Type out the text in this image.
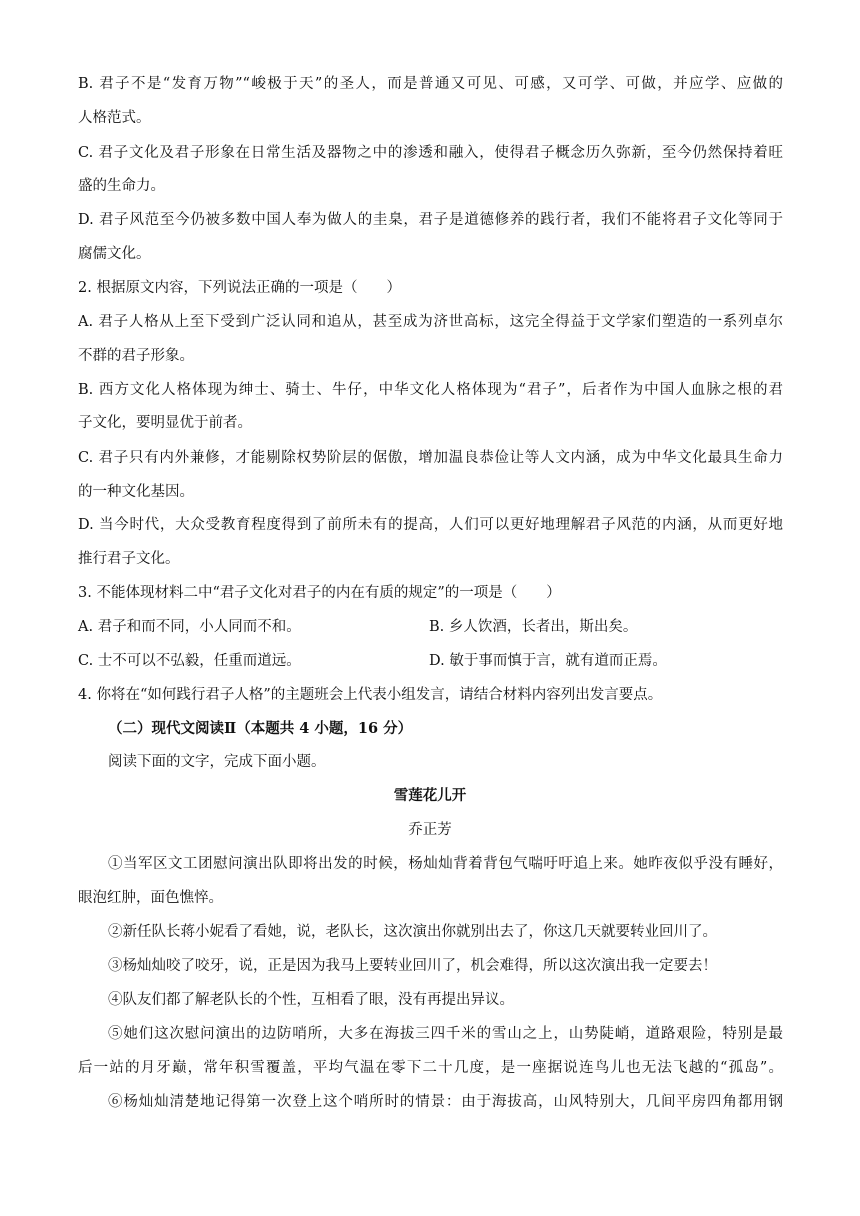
B. 君子不是“发育万物”“峻极于天”的圣人，而是普通又可见、可感，又可学、可做，并应学、应做的
人格范式。
C. 君子文化及君子形象在日常生活及器物之中的渗透和融入，使得君子概念历久弥新，至今仍然保持着旺
盛的生命力。
D. 君子风范至今仍被多数中国人奉为做人的圭臬，君子是道德修养的践行者，我们不能将君子文化等同于
腐儒文化。
2. 根据原文内容，下列说法正确的一项是（　　）
A. 君子人格从上至下受到广泛认同和追从，甚至成为济世高标，这完全得益于文学家们塑造的一系列卓尔
不群的君子形象。
B. 西方文化人格体现为绅士、骑士、牛仔，中华文化人格体现为“君子”，后者作为中国人血脉之根的君
子文化，要明显优于前者。
C. 君子只有内外兼修，才能剔除权势阶层的倨傲，增加温良恭俭让等人文内涵，成为中华文化最具生命力
的一种文化基因。
D. 当今时代，大众受教育程度得到了前所未有的提高，人们可以更好地理解君子风范的内涵，从而更好地
推行君子文化。
3. 不能体现材料二中“君子文化对君子的内在有质的规定”的一项是（　　）
A. 君子和而不同，小人同而不和。	B. 乡人饮酒，长者出，斯出矣。
C. 士不可以不弘毅，任重而道远。	D. 敏于事而慎于言，就有道而正焉。
4. 你将在“如何践行君子人格”的主题班会上代表小组发言，请结合材料内容列出发言要点。
（二）现代文阅读Ⅱ（本题共 4 小题，16 分）
阅读下面的文字，完成下面小题。
雪莲花儿开
乔正芳
①当军区文工团慰问演出队即将出发的时候，杨灿灿背着背包气喘吁吁追上来。她昨夜似乎没有睡好，
眼泡红肿，面色憔悴。
②新任队长蒋小妮看了看她，说，老队长，这次演出你就别出去了，你这几天就要转业回川了。
③杨灿灿咬了咬牙，说，正是因为我马上要转业回川了，机会难得，所以这次演出我一定要去！
④队友们都了解老队长的个性，互相看了眼，没有再提出异议。
⑤她们这次慰问演出的边防哨所，大多在海拔三四千米的雪山之上，山势陡峭，道路艰险，特别是最
后一站的月牙巅，常年积雪覆盖，平均气温在零下二十几度，是一座据说连鸟儿也无法飞越的“孤岛”。
⑥杨灿灿清楚地记得第一次登上这个哨所时的情景：由于海拔高，山风特别大，几间平房四角都用钢
